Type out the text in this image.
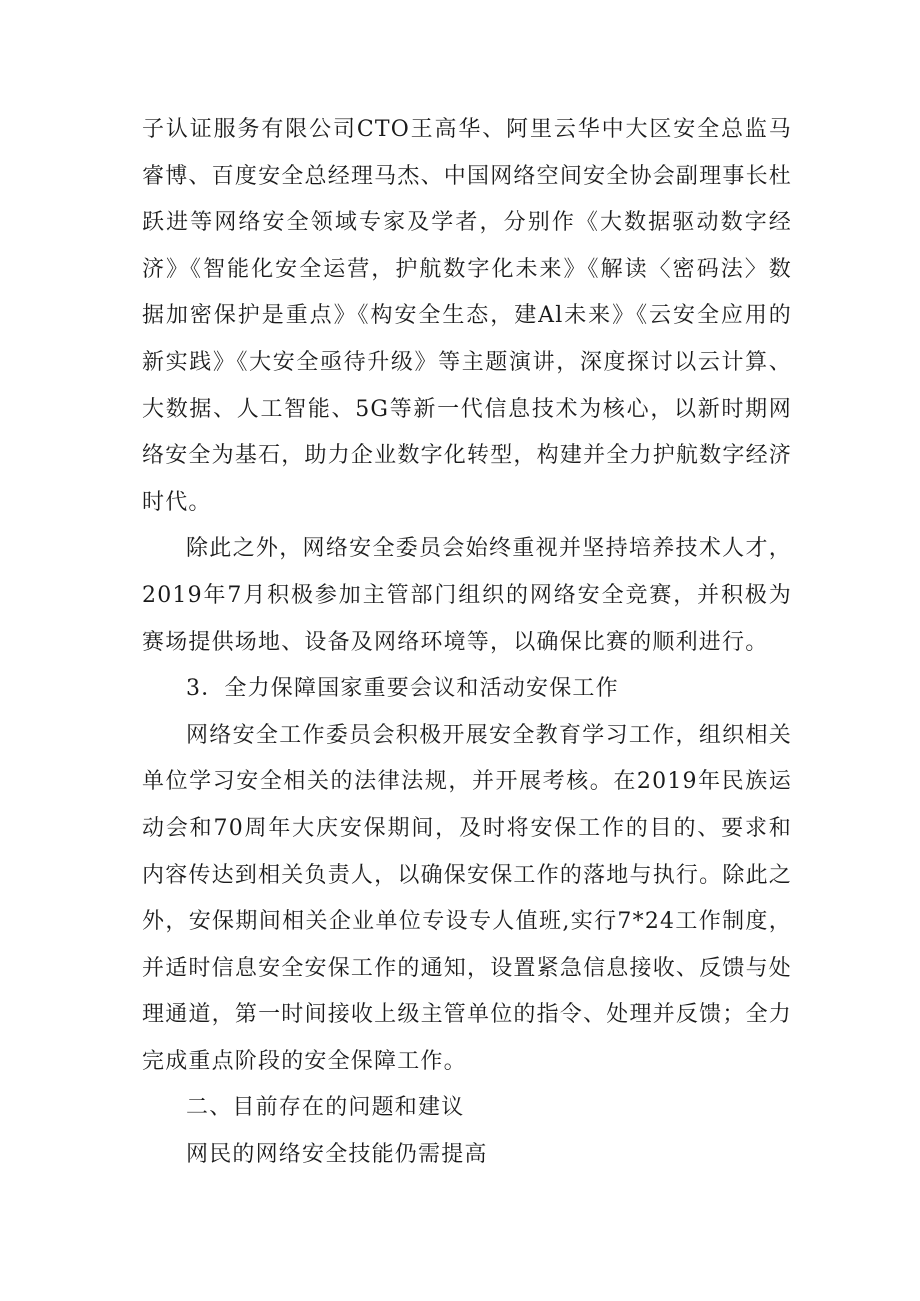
子认证服务有限公司CTO王高华、阿里云华中大区安全总监马睿博、百度安全总经理马杰、中国网络空间安全协会副理事长杜跃进等网络安全领域专家及学者，分别作《大数据驱动数字经济》《智能化安全运营，护航数字化未来》《解读〈密码法〉数据加密保护是重点》《构安全生态，建Al未来》《云安全应用的新实践》《大安全亟待升级》等主题演讲，深度探讨以云计算、大数据、人工智能、5G等新一代信息技术为核心，以新时期网络安全为基石，助力企业数字化转型，构建并全力护航数字经济时代。

除此之外，网络安全委员会始终重视并坚持培养技术人才，2019年7月积极参加主管部门组织的网络安全竞赛，并积极为赛场提供场地、设备及网络环境等，以确保比赛的顺利进行。

3．全力保障国家重要会议和活动安保工作

网络安全工作委员会积极开展安全教育学习工作，组织相关单位学习安全相关的法律法规，并开展考核。在2019年民族运动会和70周年大庆安保期间，及时将安保工作的目的、要求和内容传达到相关负责人，以确保安保工作的落地与执行。除此之外，安保期间相关企业单位专设专人值班,实行7*24工作制度，并适时信息安全安保工作的通知，设置紧急信息接收、反馈与处理通道，第一时间接收上级主管单位的指令、处理并反馈；全力完成重点阶段的安全保障工作。

二、目前存在的问题和建议

网民的网络安全技能仍需提高
